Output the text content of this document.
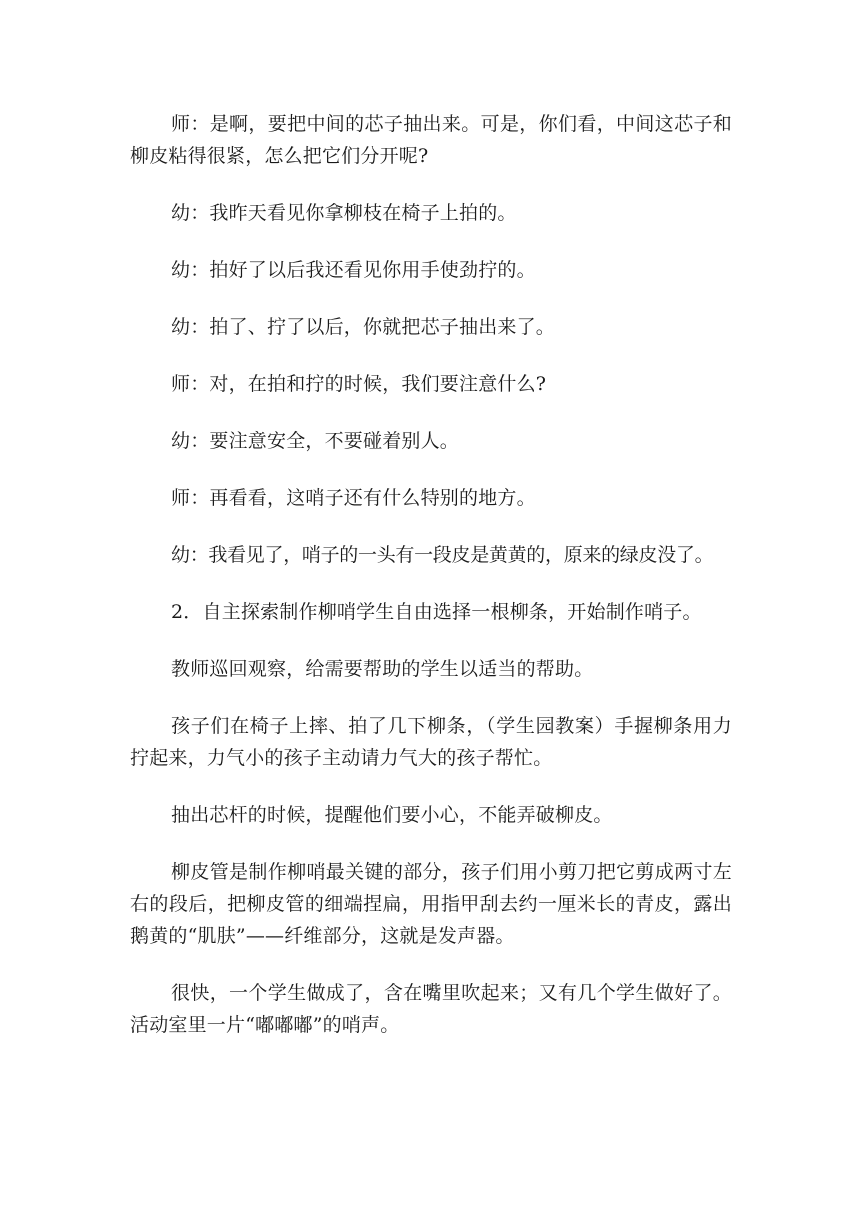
师：是啊，要把中间的芯子抽出来。可是，你们看，中间这芯子和柳皮粘得很紧，怎么把它们分开呢?

幼：我昨天看见你拿柳枝在椅子上拍的。

幼：拍好了以后我还看见你用手使劲拧的。

幼：拍了、拧了以后，你就把芯子抽出来了。

师：对，在拍和拧的时候，我们要注意什么?

幼：要注意安全，不要碰着别人。

师：再看看，这哨子还有什么特别的地方。

幼：我看见了，哨子的一头有一段皮是黄黄的，原来的绿皮没了。

2．自主探索制作柳哨学生自由选择一根柳条，开始制作哨子。

教师巡回观察，给需要帮助的学生以适当的帮助。

孩子们在椅子上摔、拍了几下柳条，（学生园教案）手握柳条用力拧起来，力气小的孩子主动请力气大的孩子帮忙。

抽出芯杆的时候，提醒他们要小心，不能弄破柳皮。

柳皮管是制作柳哨最关键的部分，孩子们用小剪刀把它剪成两寸左右的段后，把柳皮管的细端捏扁，用指甲刮去约一厘米长的青皮，露出鹅黄的“肌肤”——纤维部分，这就是发声器。

很快，一个学生做成了，含在嘴里吹起来；又有几个学生做好了。活动室里一片“嘟嘟嘟”的哨声。
